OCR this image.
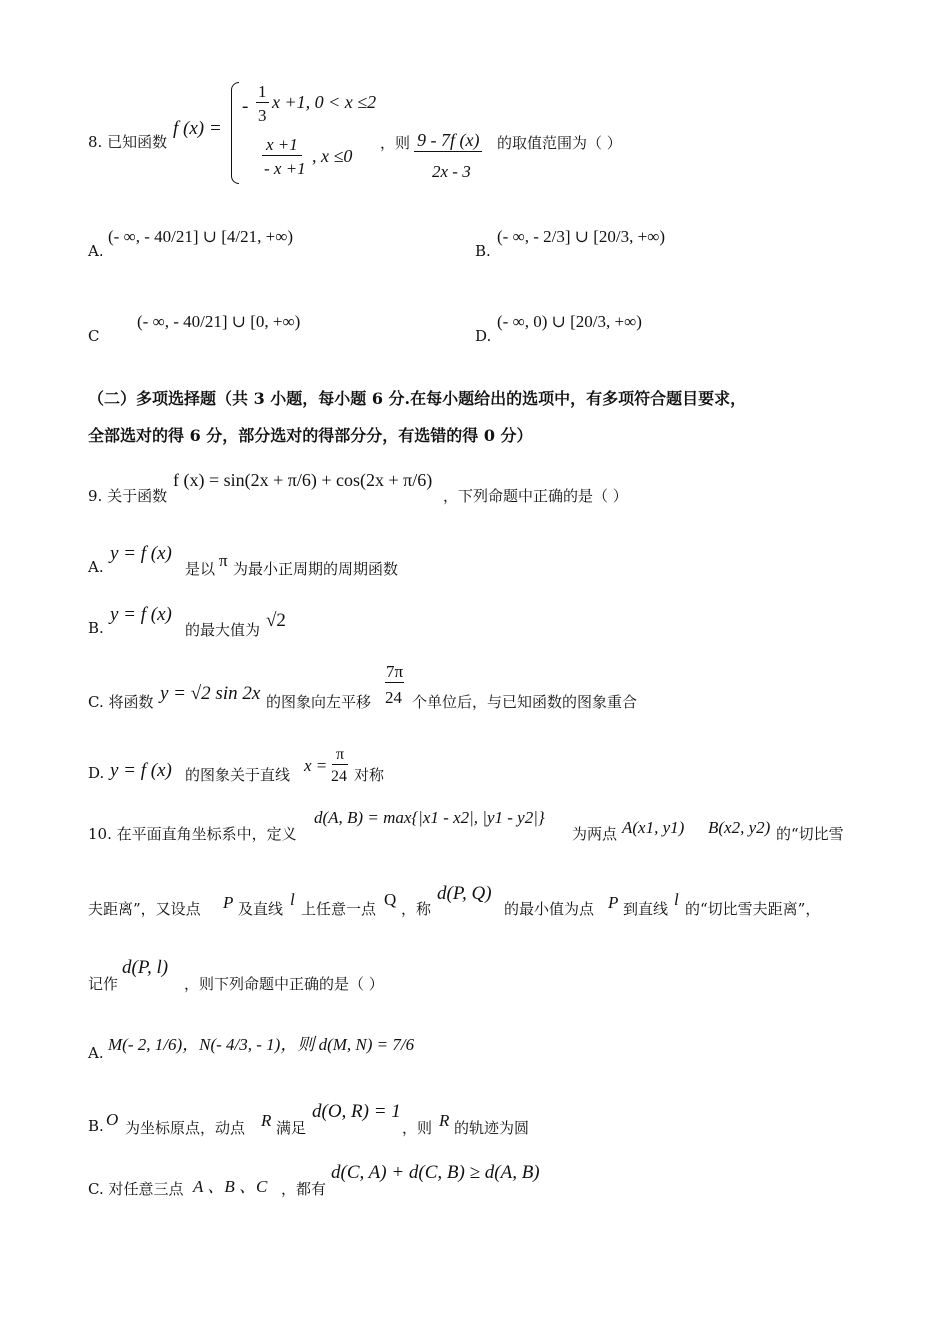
8. 已知函数
f (x) =
-
1
3
x +1, 0 < x ≤2
x +1
- x +1
, x ≤0
，则 9 - 7f (x)
2x - 3
的取值范围为（ ）
A.
(- ∞, - 40/21] ∪ [4/21, +∞)
B.
(- ∞, - 2/3] ∪ [20/3, +∞)
C
(- ∞, - 40/21] ∪ [0, +∞)
D.
(- ∞, 0) ∪ [20/3, +∞)
（二）多项选择题（共 3 小题，每小题 6 分.在每小题给出的选项中，有多项符合题目要求，
全部选对的得 6 分，部分选对的得部分分，有选错的得 0 分）
9. 关于函数
f (x) = sin(2x + π/6) + cos(2x + π/6)
，下列命题中正确的是（ ）
A.
y = f (x)
是以 π 为最小正周期的周期函数
B.
y = f (x)
的最大值为 √2
C. 将函数 y = √2 sin 2x 的图象向左平移
7π
24 个单位后，与已知函数的图象重合
D. y = f (x) 的图象关于直线 x =
π
24 对称
10. 在平面直角坐标系中，定义
d(A, B) = max{|x1 - x2|, |y1 - y2|}
为两点 A(x1, y1) B(x2, y2) 的“切比雪
夫距离”，又设点 P 及直线 l 上任意一点 Q ，称
d(P, Q)
的最小值为点 P 到直线 l 的“切比雪夫距离”，
记作
d(P, l)
，则下列命题中正确的是（ ）
A. M(- 2, 1/6)，N(- 4/3, - 1)，则 d(M, N) = 7/6
B. O 为坐标原点，动点 R 满足
d(O, R) = 1
，则 R 的轨迹为圆
C. 对任意三点 A 、B 、C ，都有
d(C, A) + d(C, B) ≥ d(A, B)
